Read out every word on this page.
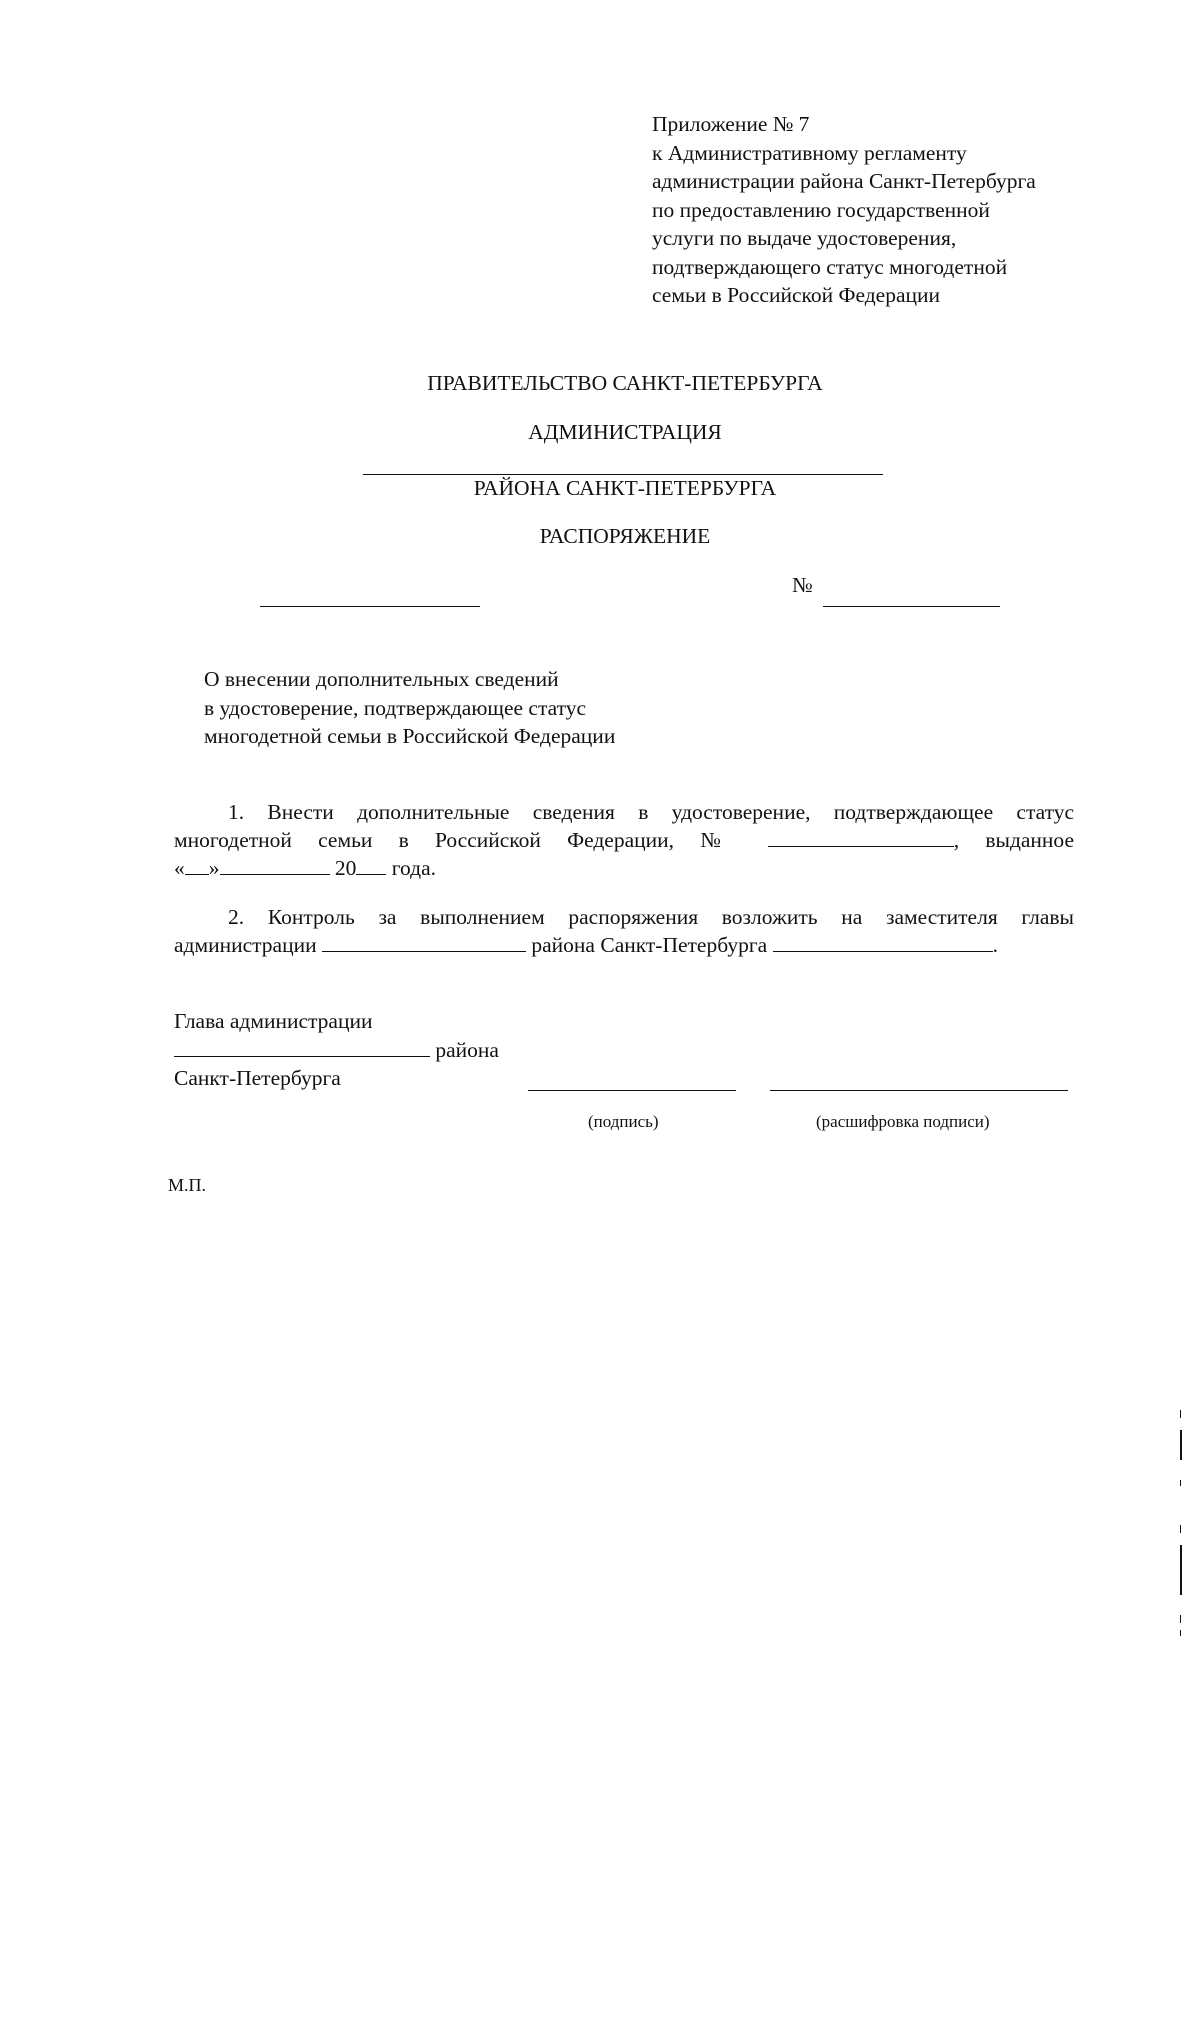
Приложение № 7
к Административному регламенту
администрации района Санкт-Петербурга
по предоставлению государственной
услуги по выдаче удостоверения,
подтверждающего статус многодетной
семьи в Российской Федерации
ПРАВИТЕЛЬСТВО САНКТ-ПЕТЕРБУРГА
АДМИНИСТРАЦИЯ
РАЙОНА САНКТ-ПЕТЕРБУРГА
РАСПОРЯЖЕНИЕ
№
О внесении дополнительных сведений
в удостоверение, подтверждающее статус
многодетной семьи в Российской Федерации
1. Внести дополнительные сведения в удостоверение, подтверждающее статус
многодетной семьи в Российской Федерации, №	, выданное
« »	20 года.
2. Контроль за выполнением распоряжения возложить на заместителя главы
администрации	района Санкт-Петербурга	.
Глава администрации
района
Санкт-Петербурга
(подпись)	(расшифровка подписи)
М.П.
